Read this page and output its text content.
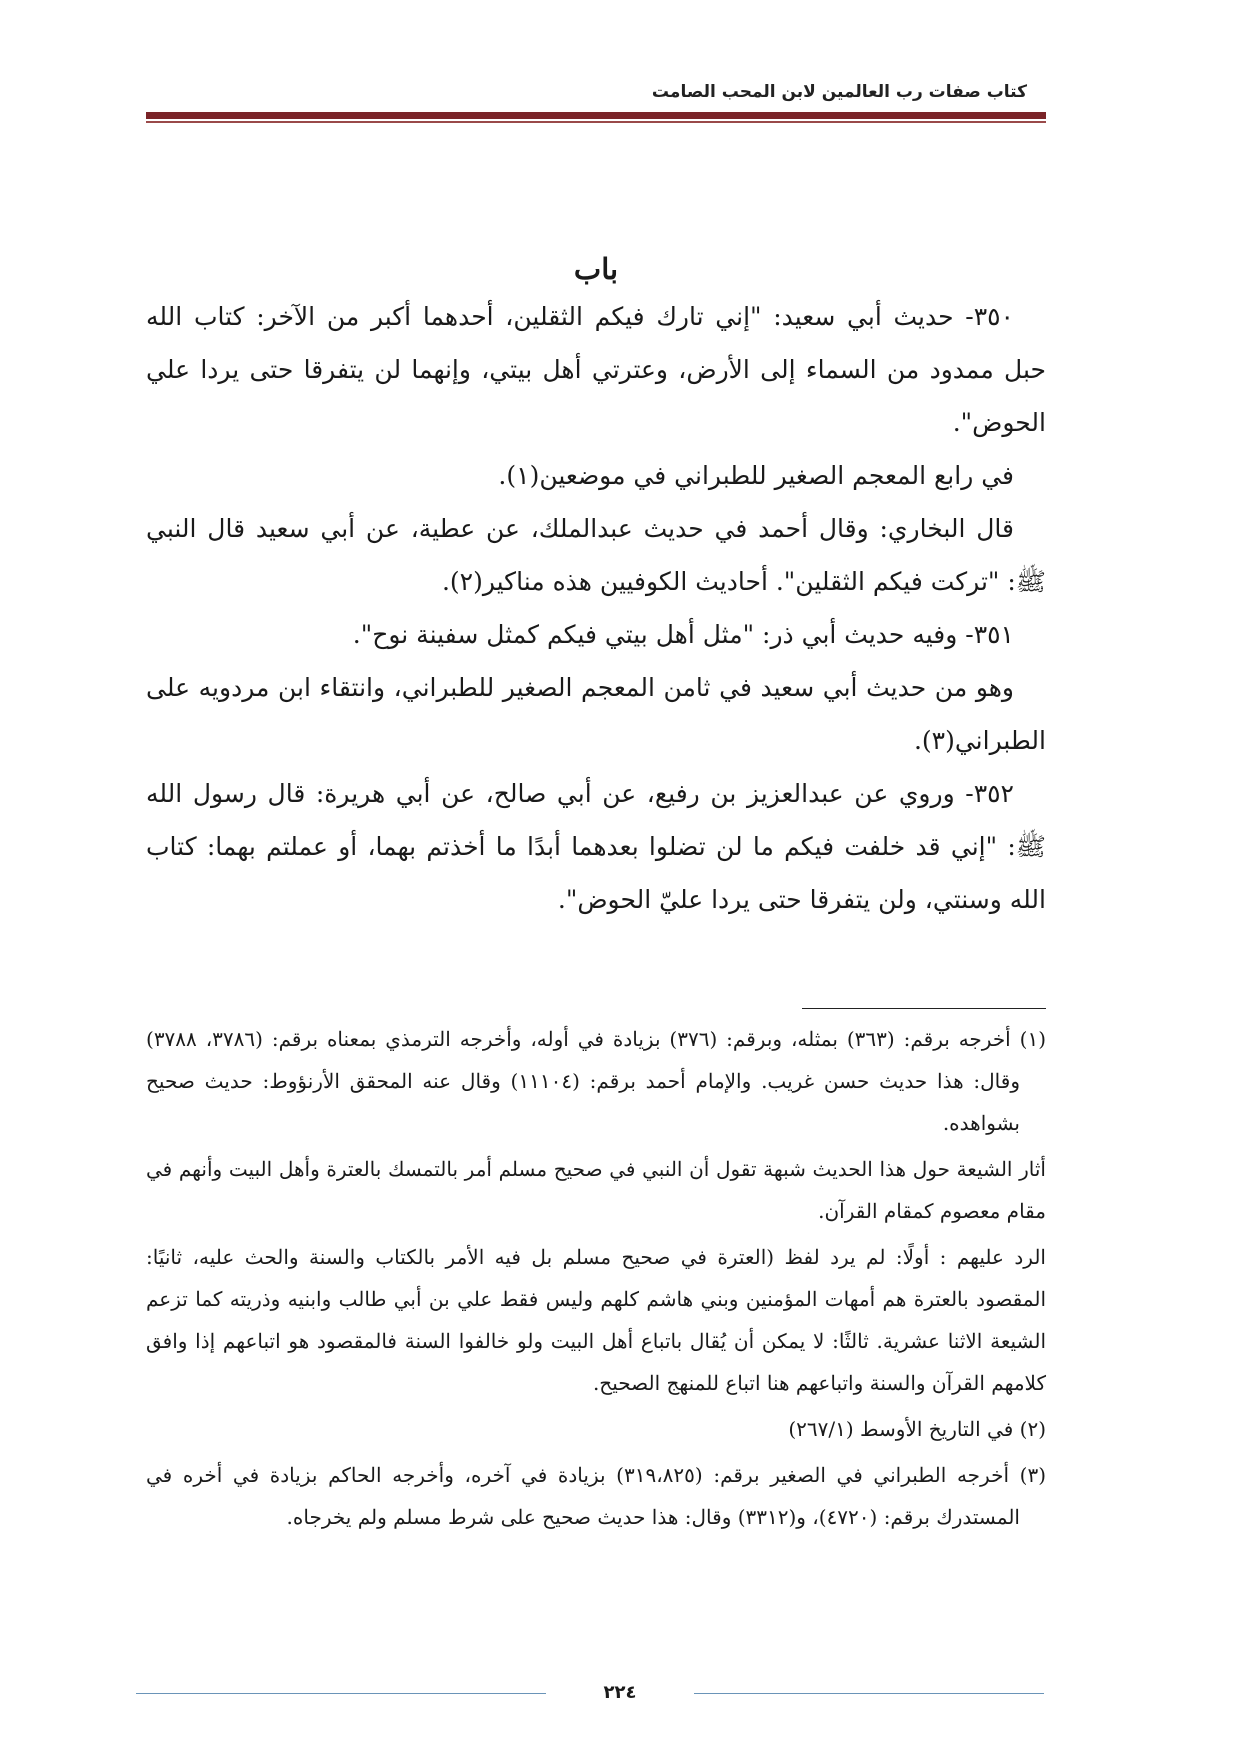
كتاب صفات رب العالمين لابن المحب الصامت
باب

٣٥٠- حديث أبي سعيد: "إني تارك فيكم الثقلين، أحدهما أكبر من الآخر: كتاب الله حبل ممدود من السماء إلى الأرض، وعترتي أهل بيتي، وإنهما لن يتفرقا حتى يردا علي الحوض".

في رابع المعجم الصغير للطبراني في موضعين(١).

قال البخاري: وقال أحمد في حديث عبدالملك، عن عطية، عن أبي سعيد قال النبي ﷺ: "تركت فيكم الثقلين". أحاديث الكوفيين هذه مناكير(٢).

٣٥١- وفيه حديث أبي ذر: "مثل أهل بيتي فيكم كمثل سفينة نوح".

وهو من حديث أبي سعيد في ثامن المعجم الصغير للطبراني، وانتقاء ابن مردويه على الطبراني(٣).

٣٥٢- وروي عن عبدالعزيز بن رفيع، عن أبي صالح، عن أبي هريرة: قال رسول الله ﷺ: "إني قد خلفت فيكم ما لن تضلوا بعدهما أبدًا ما أخذتم بهما، أو عملتم بهما: كتاب الله وسنتي، ولن يتفرقا حتى يردا عليّ الحوض".

(١) أخرجه برقم: (٣٦٣) بمثله، وبرقم: (٣٧٦) بزيادة في أوله، وأخرجه الترمذي بمعناه برقم: (٣٧٨٦، ٣٧٨٨) وقال: هذا حديث حسن غريب. والإمام أحمد برقم: (١١١٠٤) وقال عنه المحقق الأرنؤوط: حديث صحيح بشواهده.

أثار الشيعة حول هذا الحديث شبهة تقول أن النبي في صحيح مسلم أمر بالتمسك بالعترة وأهل البيت وأنهم في مقام معصوم كمقام القرآن.

الرد عليهم : أولًا: لم يرد لفظ (العترة في صحيح مسلم بل فيه الأمر بالكتاب والسنة والحث عليه، ثانيًا: المقصود بالعترة هم أمهات المؤمنين وبني هاشم كلهم وليس فقط علي بن أبي طالب وابنيه وذريته كما تزعم الشيعة الاثنا عشرية. ثالثًا: لا يمكن أن يُقال باتباع أهل البيت ولو خالفوا السنة فالمقصود هو اتباعهم إذا وافق كلامهم القرآن والسنة واتباعهم هنا اتباع للمنهج الصحيح.

(٢) في التاريخ الأوسط (٢٦٧/١)

(٣) أخرجه الطبراني في الصغير برقم: (٣١٩،٨٢٥) بزيادة في آخره، وأخرجه الحاكم بزيادة في أخره في المستدرك برقم: (٤٧٢٠)، و(٣٣١٢) وقال: هذا حديث صحيح على شرط مسلم ولم يخرجاه.

٢٢٤
